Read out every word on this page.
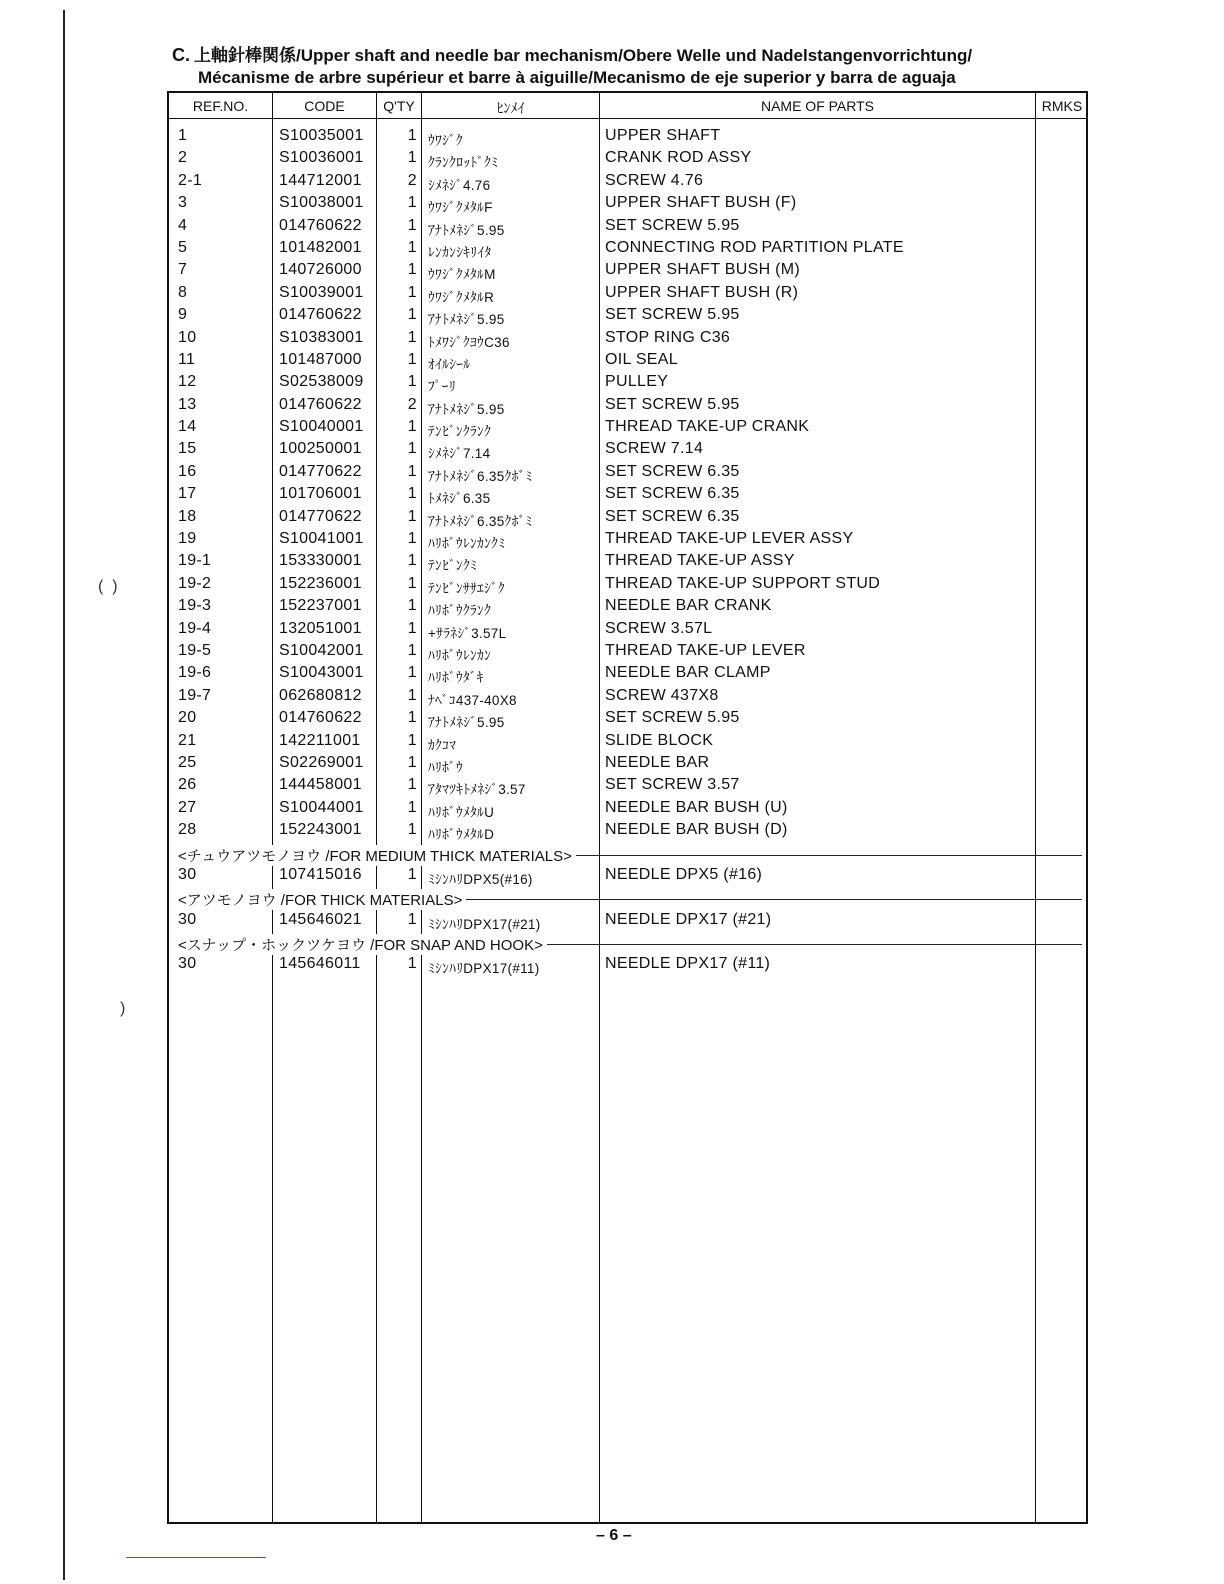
(  )
)
C. 上軸針棒関係/Upper shaft and needle bar mechanism/Obere Welle und Nadelstangenvorrichtung/
Mécanisme de arbre supérieur et barre à aiguille/Mecanismo de eje superior y barra de aguaja
REF.NO.	CODE	Q'TY	ﾋﾝﾒｲ	NAME OF PARTS	RMKS
1	S10035001	1 ｳﾜｼﾞｸ	UPPER SHAFT
2	S10036001	1 ｸﾗﾝｸﾛｯﾄﾞｸﾐ	CRANK ROD ASSY
2-1	144712001	2 ｼﾒﾈｼﾞ4.76	SCREW 4.76
3	S10038001	1 ｳﾜｼﾞｸﾒﾀﾙF	UPPER SHAFT BUSH (F)
4	014760622	1 ｱﾅﾄﾒﾈｼﾞ5.95	SET SCREW 5.95
5	101482001	1 ﾚﾝｶﾝｼｷﾘｲﾀ	CONNECTING ROD PARTITION PLATE
7	140726000	1 ｳﾜｼﾞｸﾒﾀﾙM	UPPER SHAFT BUSH (M)
8	S10039001	1 ｳﾜｼﾞｸﾒﾀﾙR	UPPER SHAFT BUSH (R)
9	014760622	1 ｱﾅﾄﾒﾈｼﾞ5.95	SET SCREW 5.95
10	S10383001	1 ﾄﾒﾜｼﾞｸﾖｳC36	STOP RING C36
11	101487000	1 ｵｲﾙｼｰﾙ	OIL SEAL
12	S02538009	1 ﾌﾟｰﾘ	PULLEY
13	014760622	2 ｱﾅﾄﾒﾈｼﾞ5.95	SET SCREW 5.95
14	S10040001	1 ﾃﾝﾋﾞﾝｸﾗﾝｸ	THREAD TAKE-UP CRANK
15	100250001	1 ｼﾒﾈｼﾞ7.14	SCREW 7.14
16	014770622	1 ｱﾅﾄﾒﾈｼﾞ6.35ｸﾎﾞﾐ	SET SCREW 6.35
17	101706001	1 ﾄﾒﾈｼﾞ6.35	SET SCREW 6.35
18	014770622	1 ｱﾅﾄﾒﾈｼﾞ6.35ｸﾎﾞﾐ	SET SCREW 6.35
19	S10041001	1 ﾊﾘﾎﾞｳﾚﾝｶﾝｸﾐ	THREAD TAKE-UP LEVER ASSY
19-1	153330001	1 ﾃﾝﾋﾞﾝｸﾐ	THREAD TAKE-UP ASSY
19-2	152236001	1 ﾃﾝﾋﾞﾝｻｻｴｼﾞｸ	THREAD TAKE-UP SUPPORT STUD
19-3	152237001	1 ﾊﾘﾎﾞｳｸﾗﾝｸ	NEEDLE BAR CRANK
19-4	132051001	1 +ｻﾗﾈｼﾞ3.57L	SCREW 3.57L
19-5	S10042001	1 ﾊﾘﾎﾞｳﾚﾝｶﾝ	THREAD TAKE-UP LEVER
19-6	S10043001	1 ﾊﾘﾎﾞｳﾀﾞｷ	NEEDLE BAR CLAMP
19-7	062680812	1 ﾅﾍﾞｺ437-40X8	SCREW 437X8
20	014760622	1 ｱﾅﾄﾒﾈｼﾞ5.95	SET SCREW 5.95
21	142211001	1 ｶｸｺﾏ	SLIDE BLOCK
25	S02269001	1 ﾊﾘﾎﾞｳ	NEEDLE BAR
26	144458001	1 ｱﾀﾏﾂｷﾄﾒﾈｼﾞ3.57	SET SCREW 3.57
27	S10044001	1 ﾊﾘﾎﾞｳﾒﾀﾙU	NEEDLE BAR BUSH (U)
28	152243001	1 ﾊﾘﾎﾞｳﾒﾀﾙD	NEEDLE BAR BUSH (D)
<チュウアツモノヨウ /FOR MEDIUM THICK MATERIALS>
30	107415016	1 ﾐｼﾝﾊﾘDPX5(#16)	NEEDLE DPX5 (#16)
<アツモノヨウ /FOR THICK MATERIALS>
30	145646021	1 ﾐｼﾝﾊﾘDPX17(#21)	NEEDLE DPX17 (#21)
<スナップ・ホックツケヨウ /FOR SNAP AND HOOK>
30	145646011	1 ﾐｼﾝﾊﾘDPX17(#11)	NEEDLE DPX17 (#11)
– 6 –
